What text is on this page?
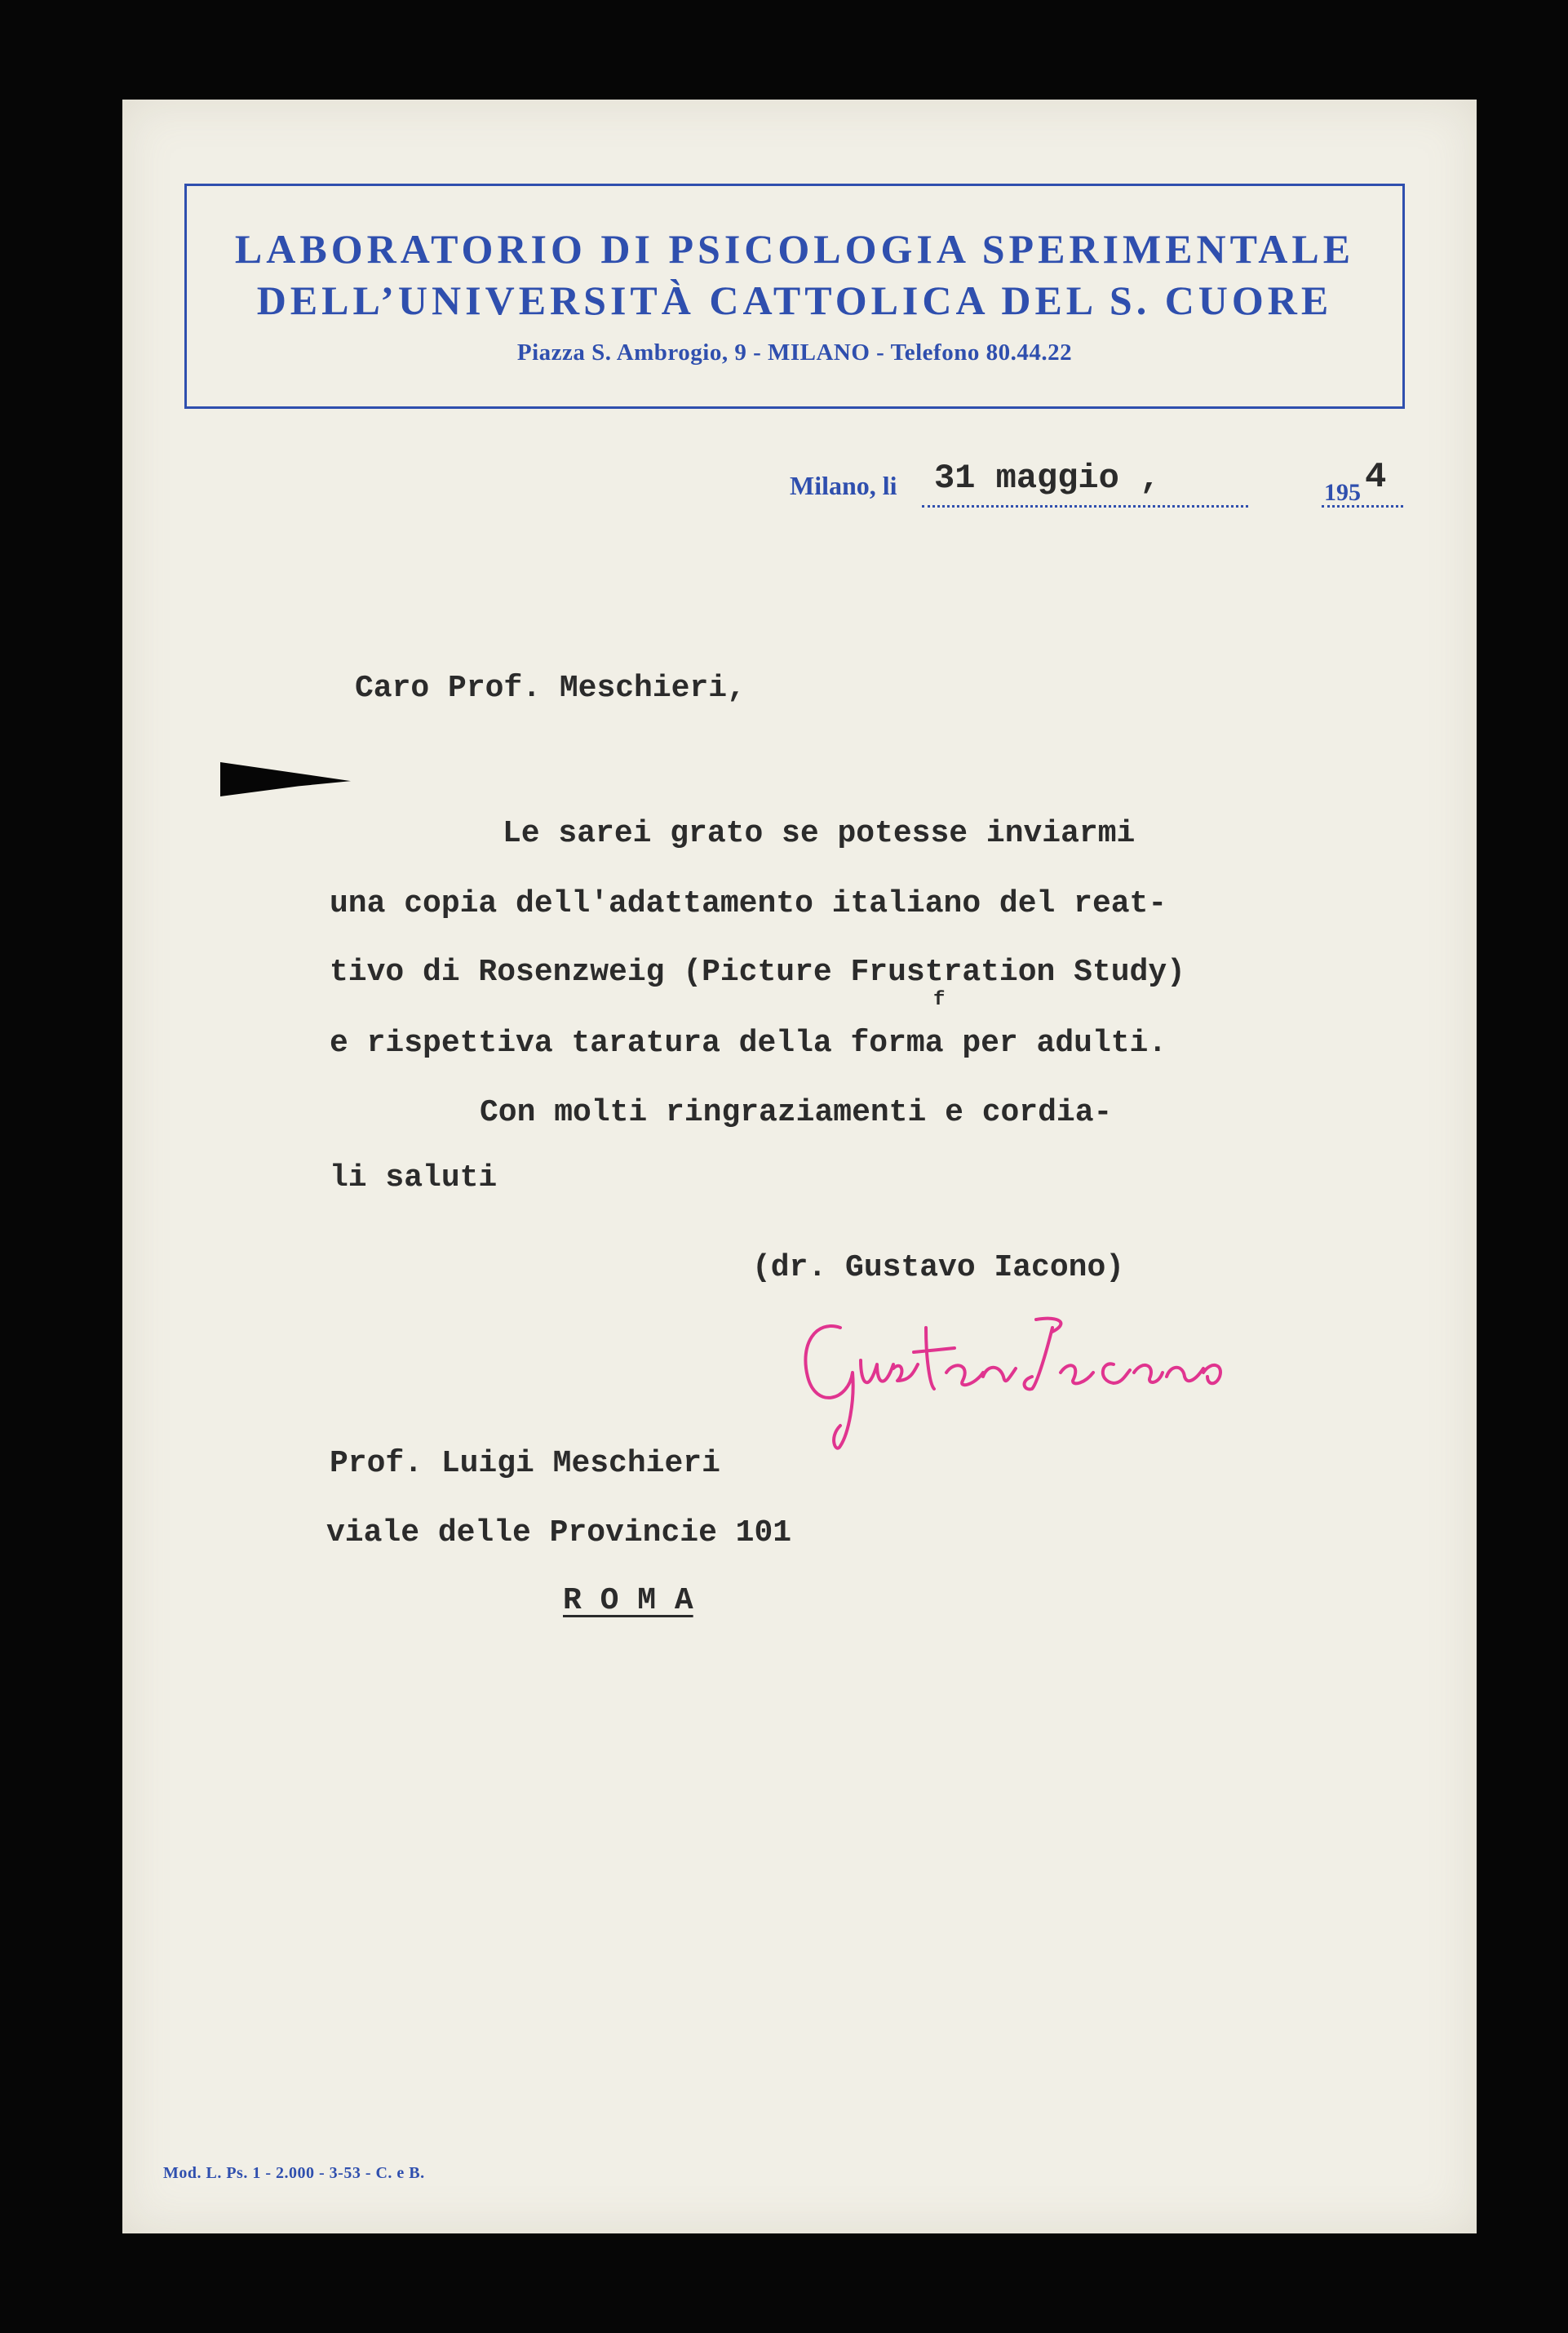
LABORATORIO DI PSICOLOGIA SPERIMENTALE
DELL’UNIVERSITÀ CATTOLICA DEL S. CUORE
Piazza S. Ambrogio, 9 - MILANO - Telefono 80.44.22
Milano, li 31 maggio ,	195 4
Caro Prof. Meschieri,
Le sarei grato se potesse inviarmi
una copia dell'adattamento italiano del reat-
tivo di Rosenzweig (Picture Frustration Study)
f
e rispettiva taratura della forma per adulti.
Con molti ringraziamenti e cordia-
li saluti
(dr. Gustavo Iacono)
Prof. Luigi Meschieri
viale delle Provincie 101
R O M A
Mod. L. Ps. 1 - 2.000 - 3-53 - C. e B.
